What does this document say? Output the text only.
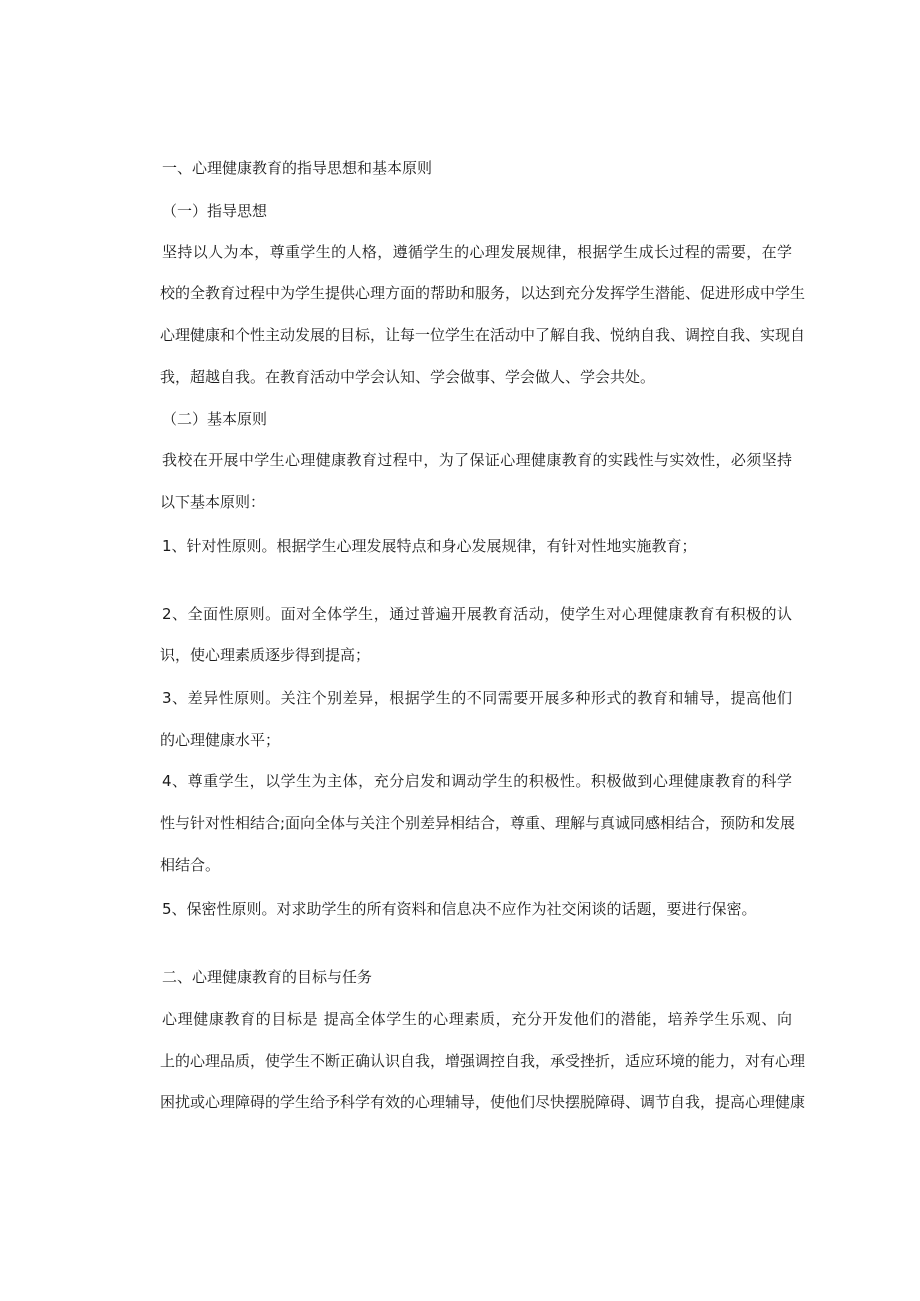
一、心理健康教育的指导思想和基本原则
（一）指导思想
坚持以人为本，尊重学生的人格，遵循学生的心理发展规律，根据学生成长过程的需要，在学
校的全教育过程中为学生提供心理方面的帮助和服务，以达到充分发挥学生潜能、促进形成中学生
心理健康和个性主动发展的目标，让每一位学生在活动中了解自我、悦纳自我、调控自我、实现自
我，超越自我。在教育活动中学会认知、学会做事、学会做人、学会共处。
（二）基本原则
我校在开展中学生心理健康教育过程中，为了保证心理健康教育的实践性与实效性，必须坚持
以下基本原则：
1、针对性原则。根据学生心理发展特点和身心发展规律，有针对性地实施教育；
2、全面性原则。面对全体学生，通过普遍开展教育活动，使学生对心理健康教育有积极的认
识，使心理素质逐步得到提高；
3、差异性原则。关注个别差异，根据学生的不同需要开展多种形式的教育和辅导，提高他们
的心理健康水平；
4、尊重学生，以学生为主体，充分启发和调动学生的积极性。积极做到心理健康教育的科学
性与针对性相结合;面向全体与关注个别差异相结合，尊重、理解与真诚同感相结合，预防和发展
相结合。
5、保密性原则。对求助学生的所有资料和信息决不应作为社交闲谈的话题，要进行保密。
二、心理健康教育的目标与任务
心理健康教育的目标是 提高全体学生的心理素质，充分开发他们的潜能，培养学生乐观、向
上的心理品质，使学生不断正确认识自我，增强调控自我，承受挫折，适应环境的能力，对有心理
困扰或心理障碍的学生给予科学有效的心理辅导，使他们尽快摆脱障碍、调节自我，提高心理健康
